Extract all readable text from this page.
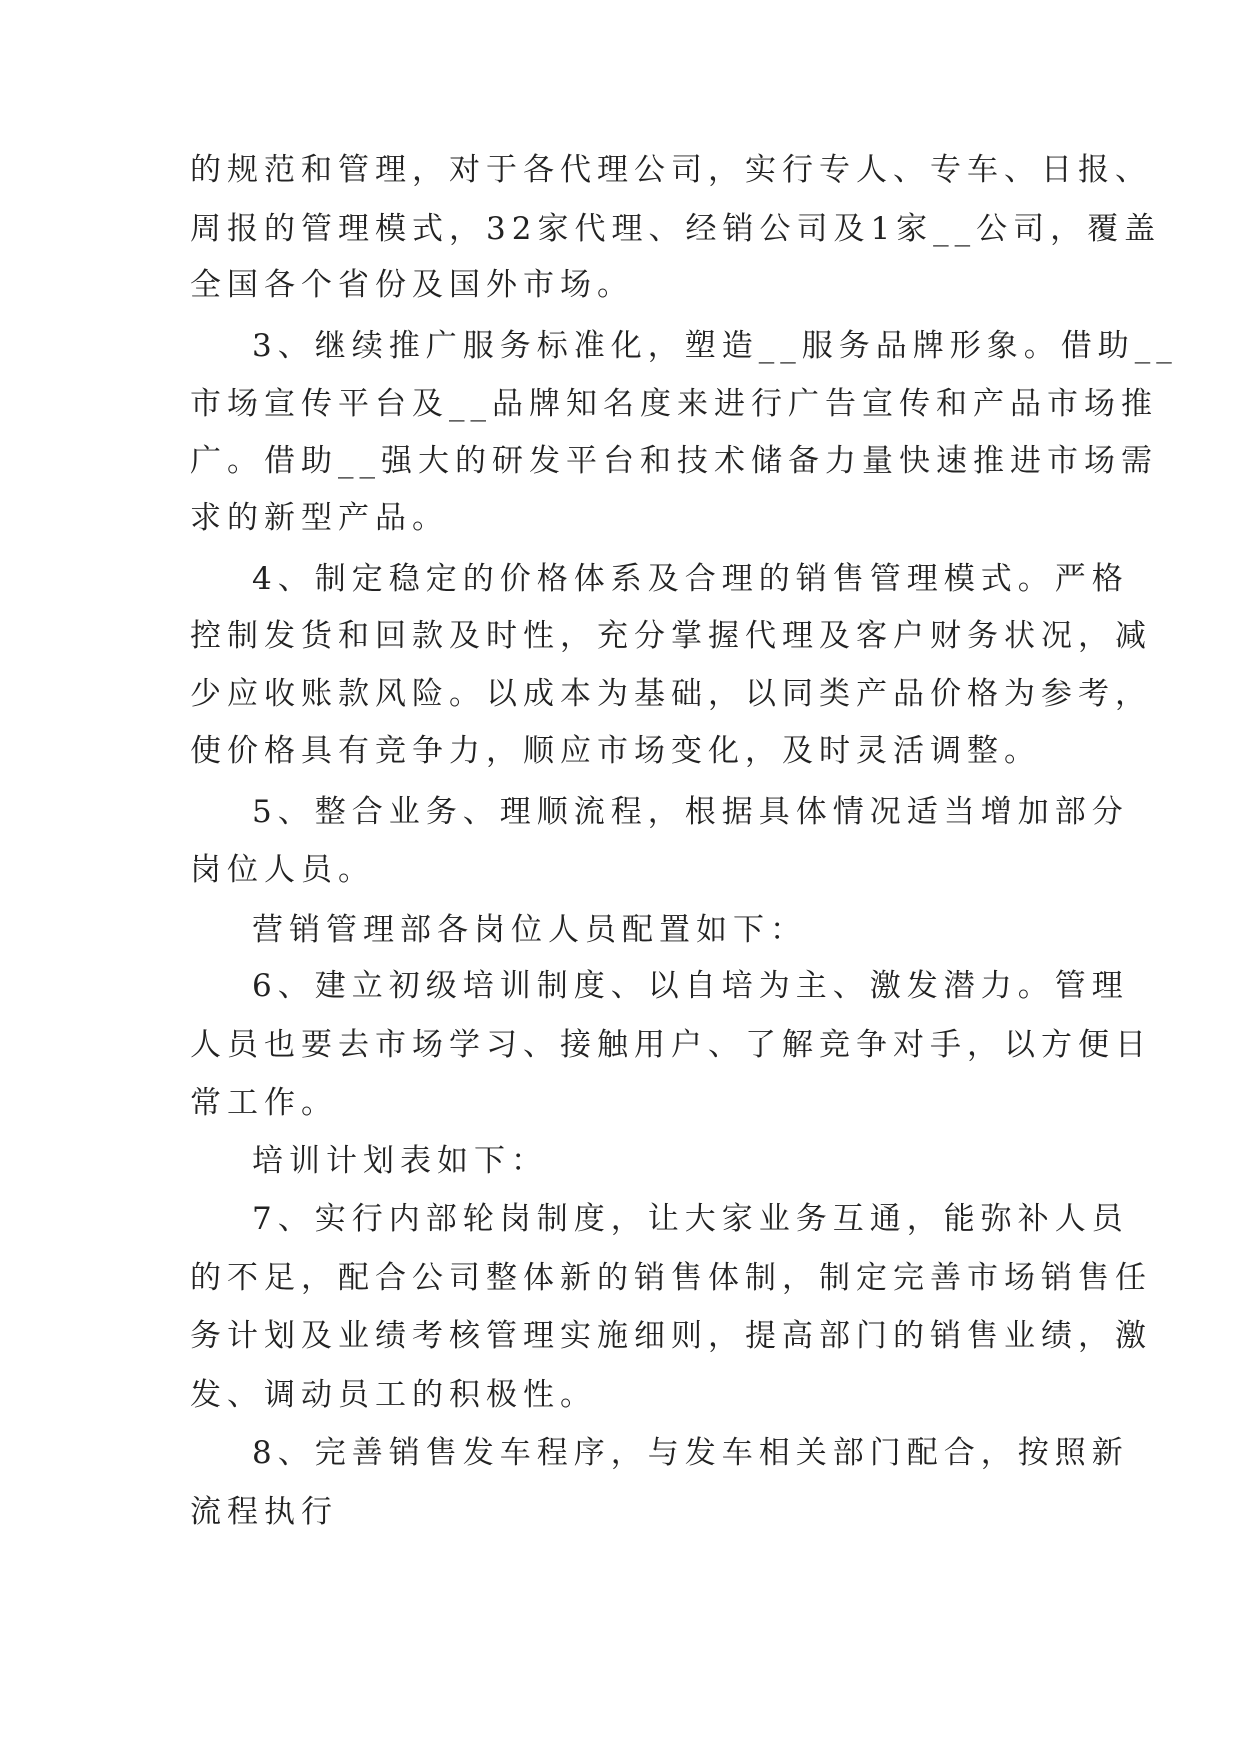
的规范和管理，对于各代理公司，实行专人、专车、日报、
周报的管理模式，32家代理、经销公司及1家__公司，覆盖
全国各个省份及国外市场。
3、继续推广服务标准化，塑造__服务品牌形象。借助__
市场宣传平台及__品牌知名度来进行广告宣传和产品市场推
广。借助__强大的研发平台和技术储备力量快速推进市场需
求的新型产品。
4、制定稳定的价格体系及合理的销售管理模式。严格
控制发货和回款及时性，充分掌握代理及客户财务状况，减
少应收账款风险。以成本为基础，以同类产品价格为参考，
使价格具有竞争力，顺应市场变化，及时灵活调整。
5、整合业务、理顺流程，根据具体情况适当增加部分
岗位人员。
营销管理部各岗位人员配置如下：
6、建立初级培训制度、以自培为主、激发潜力。管理
人员也要去市场学习、接触用户、了解竞争对手，以方便日
常工作。
培训计划表如下：
7、实行内部轮岗制度，让大家业务互通，能弥补人员
的不足，配合公司整体新的销售体制，制定完善市场销售任
务计划及业绩考核管理实施细则，提高部门的销售业绩，激
发、调动员工的积极性。
8、完善销售发车程序，与发车相关部门配合，按照新
流程执行
